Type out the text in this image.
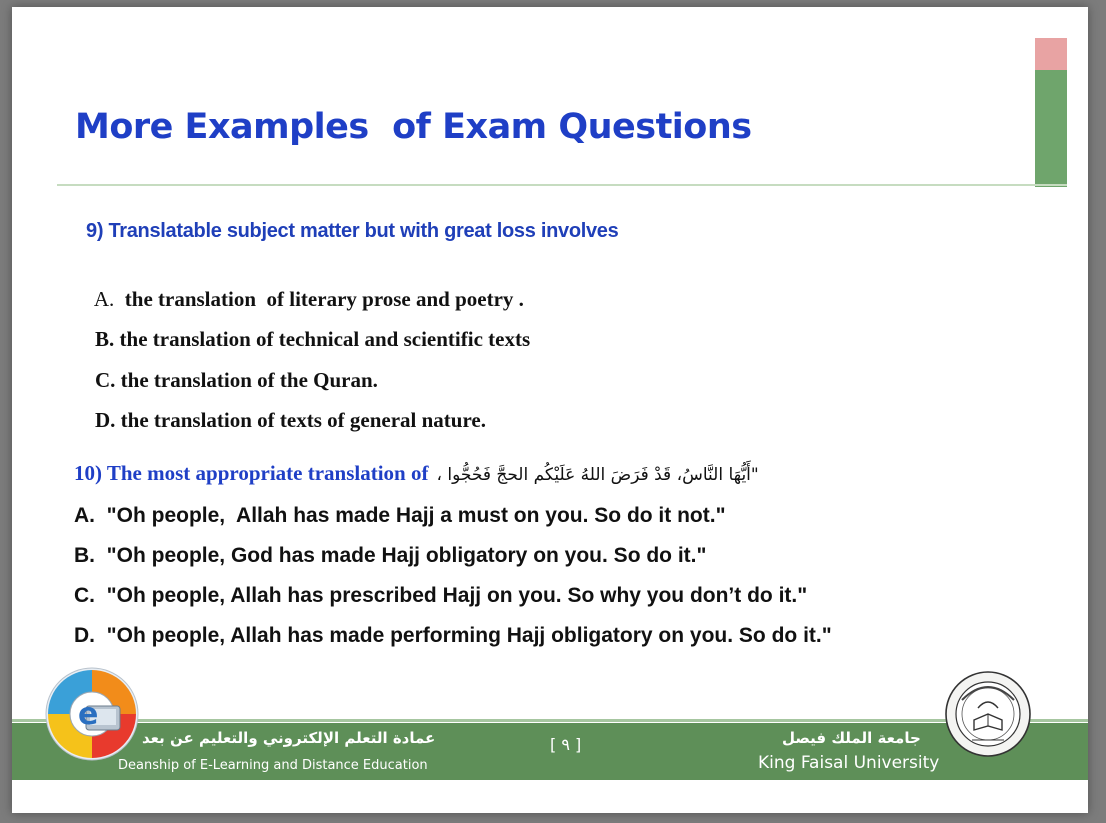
More Examples  of Exam Questions
9) Translatable subject matter but with great loss involves

A.  the translation  of literary prose and poetry .

B. the translation of technical and scientific texts

C. the translation of the Quran.

D. the translation of texts of general nature.

10) The most appropriate translation of "أَيُّهَا النَّاسُ، قَدْ فَرَضَ اللهُ عَلَيْكُم الحجَّ فَحُجُّوا ،
A.  "Oh people,  Allah has made Hajj a must on you. So do it not."
B.  "Oh people, God has made Hajj obligatory on you. So do it."
C.  "Oh people, Allah has prescribed Hajj on you. So why you don’t do it."
D.  "Oh people, Allah has made performing Hajj obligatory on you. So do it."
عمادة التعلم الإلكتروني والتعليم عن بعد
Deanship of E-Learning and Distance Education
[ ٩ ]	جامعة الملك فيصل
King Faisal University
e
